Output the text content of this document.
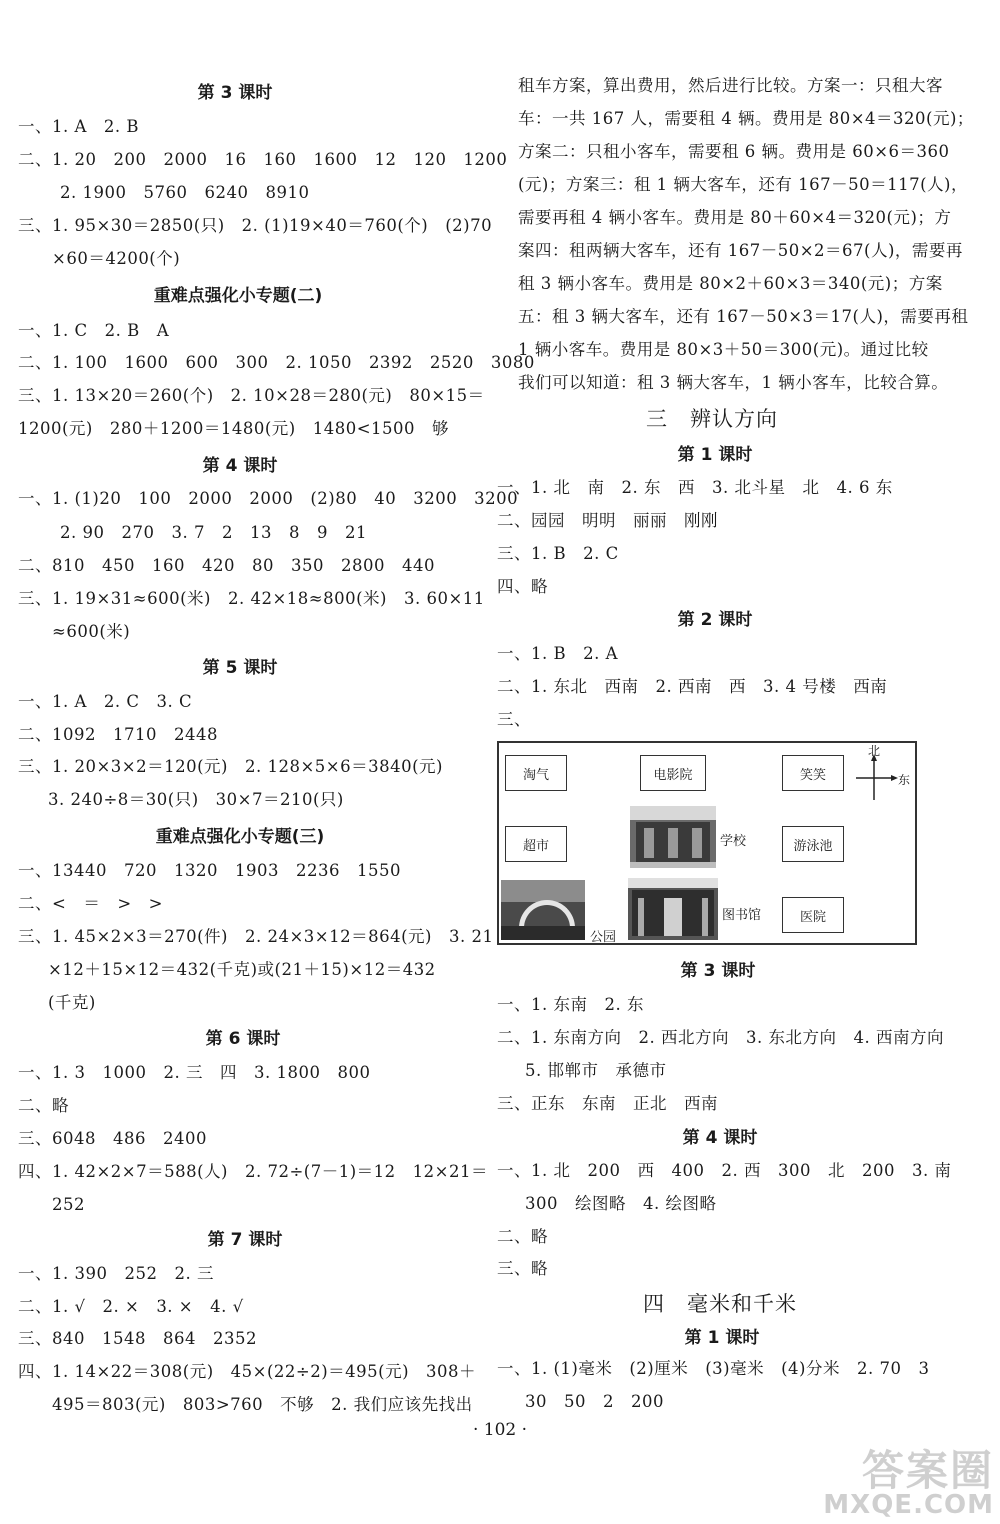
第 3 课时
一、1. A　2. B
二、1. 20　200　2000　16　160　1600　12　120　1200
2. 1900　5760　6240　8910
三、1. 95×30＝2850(只)　2. (1)19×40＝760(个)　(2)70
×60＝4200(个)
重难点强化小专题(二)
一、1. C　2. B　A
二、1. 100　1600　600　300　2. 1050　2392　2520　3080
三、1. 13×20＝260(个)　2. 10×28＝280(元)　80×15＝
1200(元)　280＋1200＝1480(元)　1480<1500　够
第 4 课时
一、1. (1)20　100　2000　2000　(2)80　40　3200　3200
2. 90　270　3. 7　2　13　8　9　21
二、810　450　160　420　80　350　2800　440
三、1. 19×31≈600(米)　2. 42×18≈800(米)　3. 60×11
≈600(米)
第 5 课时
一、1. A　2. C　3. C
二、1092　1710　2448
三、1. 20×3×2＝120(元)　2. 128×5×6＝3840(元)
3. 240÷8＝30(只)　30×7＝210(只)
重难点强化小专题(三)
一、13440　720　1320　1903　2236　1550
二、<　＝　>　>
三、1. 45×2×3＝270(件)　2. 24×3×12＝864(元)　3. 21
×12＋15×12＝432(千克)或(21＋15)×12＝432
(千克)
第 6 课时
一、1. 3　1000　2. 三　四　3. 1800　800
二、略
三、6048　486　2400
四、1. 42×2×7＝588(人)　2. 72÷(7－1)＝12　12×21＝
252
第 7 课时
一、1. 390　252　2. 三
二、1. √　2. ×　3. ×　4. √
三、840　1548　864　2352
四、1. 14×22＝308(元)　45×(22÷2)＝495(元)　308＋
495＝803(元)　803>760　不够　2. 我们应该先找出
租车方案，算出费用，然后进行比较。方案一：只租大客
车：一共 167 人，需要租 4 辆。费用是 80×4＝320(元)；
方案二：只租小客车，需要租 6 辆。费用是 60×6＝360
(元)；方案三：租 1 辆大客车，还有 167－50＝117(人)，
需要再租 4 辆小客车。费用是 80＋60×4＝320(元)；方
案四：租两辆大客车，还有 167－50×2＝67(人)，需要再
租 3 辆小客车。费用是 80×2＋60×3＝340(元)；方案
五：租 3 辆大客车，还有 167－50×3＝17(人)，需要再租
1 辆小客车。费用是 80×3＋50＝300(元)。通过比较
我们可以知道：租 3 辆大客车，1 辆小客车，比较合算。
三　辨认方向
第 1 课时
一、1. 北　南　2. 东　西　3. 北斗星　北　4. 6 东
二、园园　明明　丽丽　刚刚
三、1. B　2. C
四、略
第 2 课时
一、1. B　2. A
二、1. 东北　西南　2. 西南　西　3. 4 号楼　西南
三、
淘气	电影院	笑笑
超市	游泳池
医院
学校
图书馆
公园
北
东
第 3 课时
一、1. 东南　2. 东
二、1. 东南方向　2. 西北方向　3. 东北方向　4. 西南方向
5. 邯郸市　承德市
三、正东　东南　正北　西南
第 4 课时
一、1. 北　200　西　400　2. 西　300　北　200　3. 南
300　绘图略　4. 绘图略
二、略
三、略
四　毫米和千米
第 1 课时
一、1. (1)毫米　(2)厘米　(3)毫米　(4)分米　2. 70　3
30　50　2　200
· 102 ·
答案圈
MXQE.COM
